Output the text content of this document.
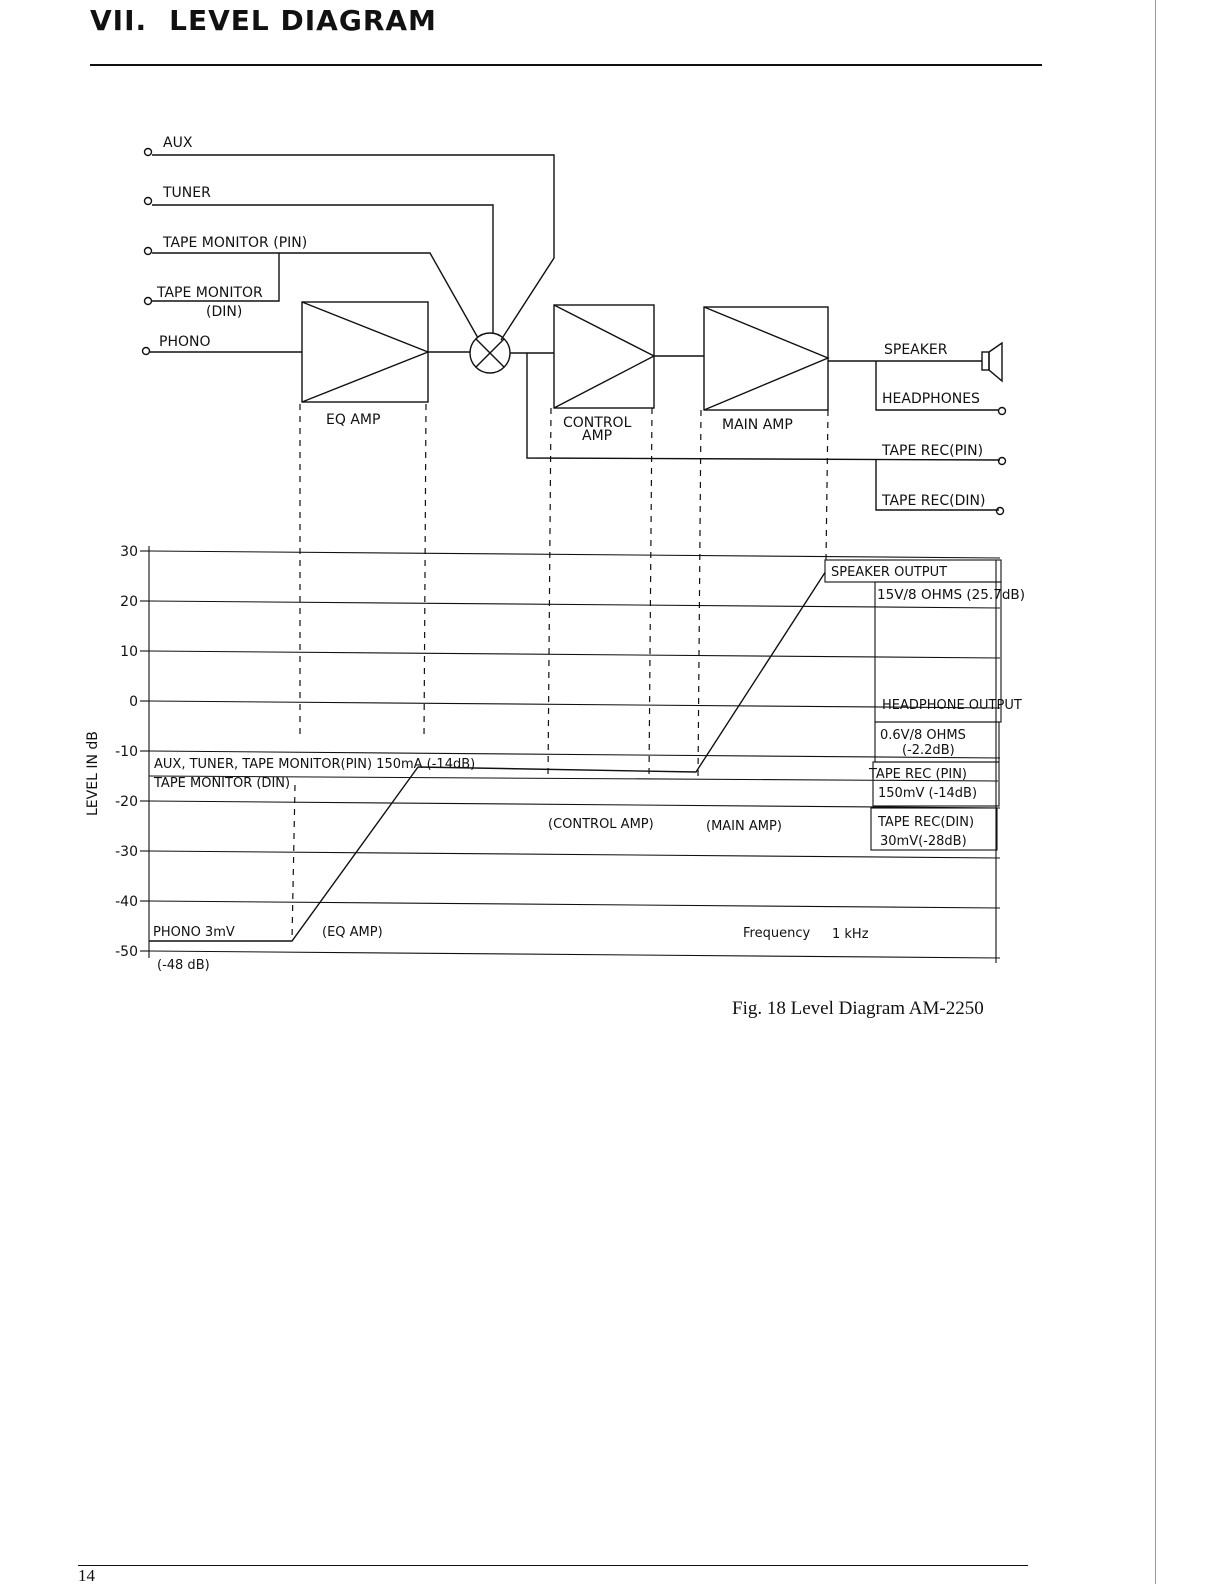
VII. LEVEL DIAGRAM
AUX
TUNER
TAPE MONITOR (PIN)
TAPE MONITOR
(DIN)
PHONO
EQ AMP	CONTROL
AMP
MAIN AMP
SPEAKER
HEADPHONES
TAPE REC(PIN)
TAPE REC(DIN)
LEVEL IN dB
30
20
10
0
-10
-20
-30
-40
-50
AUX, TUNER, TAPE MONITOR(PIN) 150mA (-14dB)
TAPE MONITOR (DIN)
PHONO 3mV
(-48 dB)
(EQ AMP)
(CONTROL AMP)	(MAIN AMP)
SPEAKER OUTPUT
15V/8 OHMS (25.7dB)
HEADPHONE OUTPUT
0.6V/8 OHMS
(-2.2dB)
TAPE REC (PIN)
150mV (-14dB)
TAPE REC(DIN)
30mV(-28dB)
Frequency 1 kHz
Fig. 18 Level Diagram AM-2250
14
